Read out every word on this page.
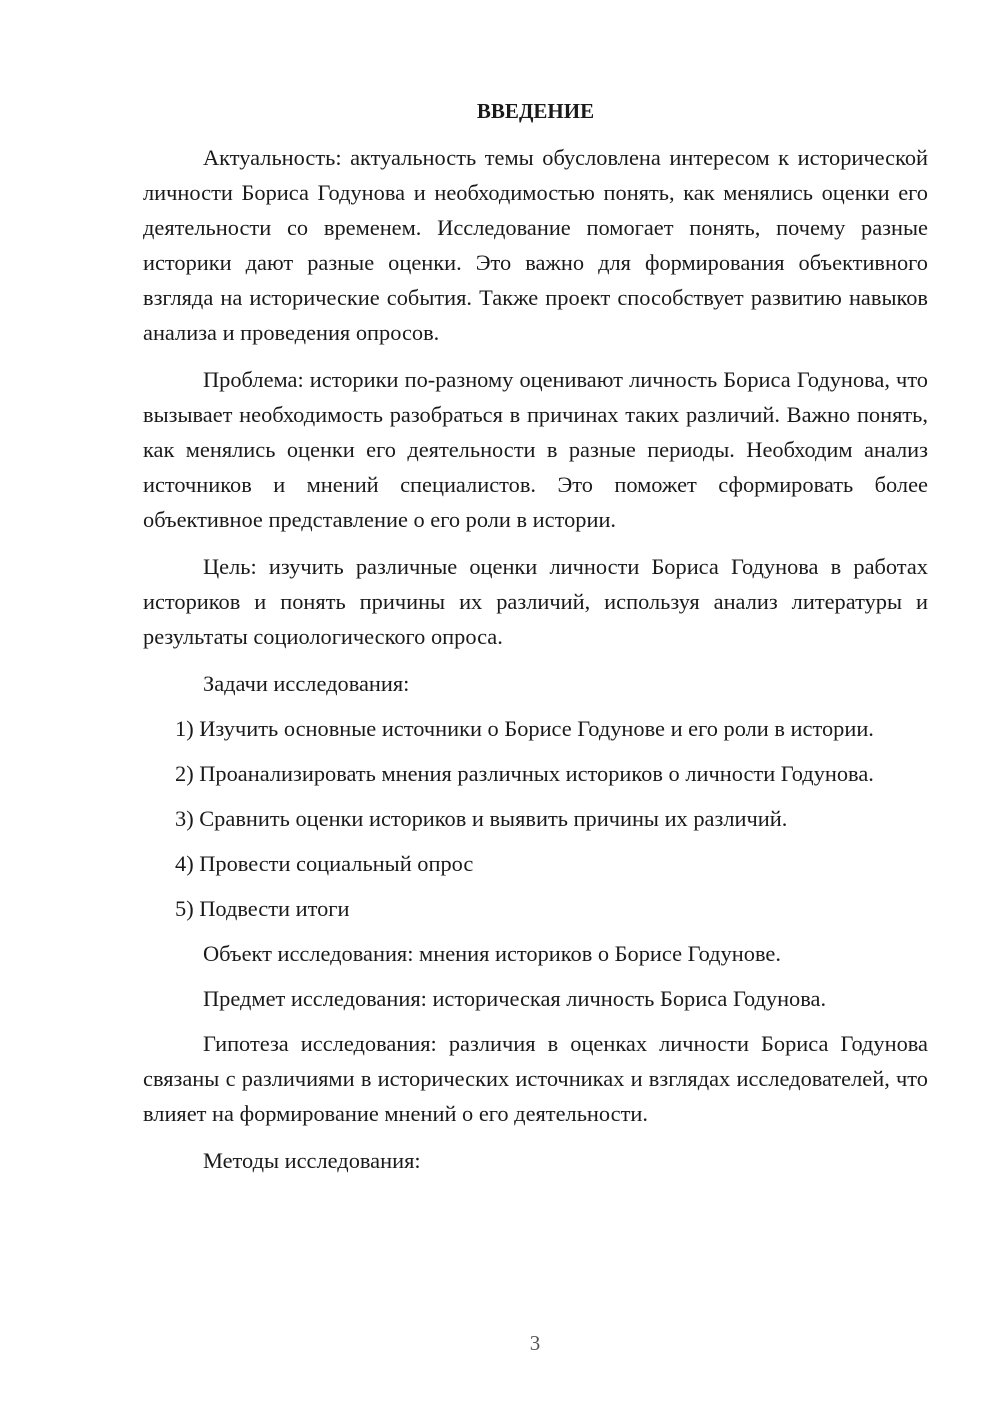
ВВЕДЕНИЕ

Актуальность: актуальность темы обусловлена интересом к исторической личности Бориса Годунова и необходимостью понять, как менялись оценки его деятельности со временем. Исследование помогает понять, почему разные историки дают разные оценки. Это важно для формирования объективного взгляда на исторические события. Также проект способствует развитию навыков анализа и проведения опросов.

Проблема: историки по-разному оценивают личность Бориса Годунова, что вызывает необходимость разобраться в причинах таких различий. Важно понять, как менялись оценки его деятельности в разные периоды. Необходим анализ источников и мнений специалистов. Это поможет сформировать более объективное представление о его роли в истории.

Цель: изучить различные оценки личности Бориса Годунова в работах историков и понять причины их различий, используя анализ литературы и результаты социологического опроса.

Задачи исследования:

1) Изучить основные источники о Борисе Годунове и его роли в истории.

2) Проанализировать мнения различных историков о личности Годунова.

3) Сравнить оценки историков и выявить причины их различий.

4) Провести социальный опрос

5) Подвести итоги

Объект исследования: мнения историков о Борисе Годунове.

Предмет исследования: историческая личность Бориса Годунова.

Гипотеза исследования: различия в оценках личности Бориса Годунова связаны с различиями в исторических источниках и взглядах исследователей, что влияет на формирование мнений о его деятельности.

Методы исследования:

3
